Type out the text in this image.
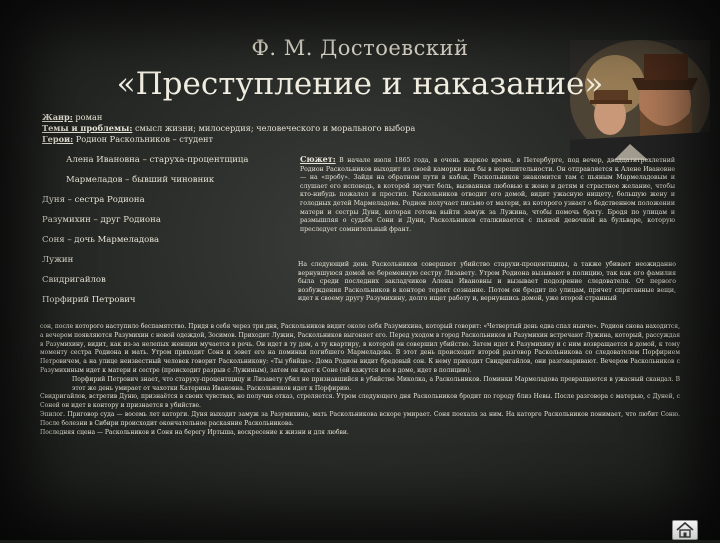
Ф. М. Достоевский
«Преступление и наказание»
Жанр: роман
Темы и проблемы: смысл жизни; милосердия; человеческого и морального выбора
Герои: Родион Раскольников – студент
Алена Ивановна – старуха-процентщица
Мармеладов – бывший чиновник
Дуня – сестра Родиона
Разумихин – друг Родиона
Соня – дочь Мармеладова
Лужин
Свидригайлов
Порфирий Петрович
Сюжет: В начале июля 1865 года, в очень жаркое время, в Петербурге, под вечер, двадцатитрехлетний Родион Раскольников выходит из своей каморки как бы в нерешительности. Он отправляется к Алене Ивановне — на «пробу». Зайдя на обратном пути в кабак, Раскольников знакомится там с пьяным Мармеладовым и слушает его исповедь, в которой звучит боль, вызванная любовью к жене и детям и страстное желание, чтобы кто-нибудь пожалел и простил. Раскольников отводит его домой, видит ужасную нищету, большую жену и голодных детей Мармеладова. Родион получает письмо от матери, из которого узнает о бедственном положении матери и сестры Дуни, которая готова выйти замуж за Лужина, чтобы помочь брату. Бродя по улицам и размышляя о судьбе Сони и Дуни, Раскольников сталкивается с пьяной девочкой на бульваре, которую преследует сомнительный франт.
На следующий день Раскольников совершает убийство старухи-процентщицы, а также убивает неожиданно вернувшуюся домой ее беременную сестру Лизавету. Утром Родиона вызывают в полицию, так как его фамилия была среди последних закладчиков Алены Ивановны и вызывает подозрение следователя. От первого возбуждения Раскольников в конторе теряет сознание. Потом он бродит по улицам, прячет спрятанные вещи, идет к своему другу Разумихину, долго ищет работу и, вернувшись домой, уже второй странный
сон, после которого наступило беспамятство. Придя в себя через три дня, Раскольников видит около себя Разумихина, который говорит: «Четвертый день едва спал нынче». Родион снова находится, а вечером появляются Разумихин с новой одеждой, Зосимов. Приходит Лужин, Раскольников выгоняет его. Перед уходом в город Раскольников и Разумихин встречают Лужина, который, рассуждая в Разумихину, видит, как из-за нелепых женщин мучается в речь. Он идет в ту дом, а ту квартиру, в которой он совершил убийство. Затем идет к Разумихину и с ним возвращается в домой, к тому моменту сестра Родиона и мать. Утром приходит Соня и зовет его на поминки погибшего Мармеладова. В этот день происходит второй разговор Раскольникова со следователем Порфирием Петровичем, а на улице неизвестный человек говорит Раскольникову: «Ты убийца». Дома Родион видит бредовый сон. К нему приходит Свидригайлов, они разговаривают. Вечером Раскольников с Разумихиным идет к матери и сестре (происходит разрыв с Лужиным), затем он идет к Соне (ей кажутся все в доме, идет в полицию).
Порфирий Петрович знает, что старуху-процентщицу и Лизавету убил не признавшийся в убийстве Миколка, а Раскольников. Поминки Мармеладова превращаются в ужасный скандал. В этот же день умирает от чахотки Катерина Ивановна. Раскольников идет к Порфирию.
Свидригайлов, встретив Дуню, признаётся в своих чувствах, но получив отказ, стреляется. Утром следующего дня Раскольников бродит по городу близ Невы. После разговора с матерью, с Дуней, с Соней он идет в контору и признается в убийстве.
Эпилог. Приговор суда — восемь лет каторги. Дуня выходит замуж за Разумихина, мать Раскольникова вскоре умирает. Соня поехала за ним. На каторге Раскольников понимает, что любит Соню. После болезни в Сибири происходит окончательное раскаяние Раскольникова.
Последняя сцена — Раскольников и Соня на берегу Иртыша, воскресение к жизни и для любви.
